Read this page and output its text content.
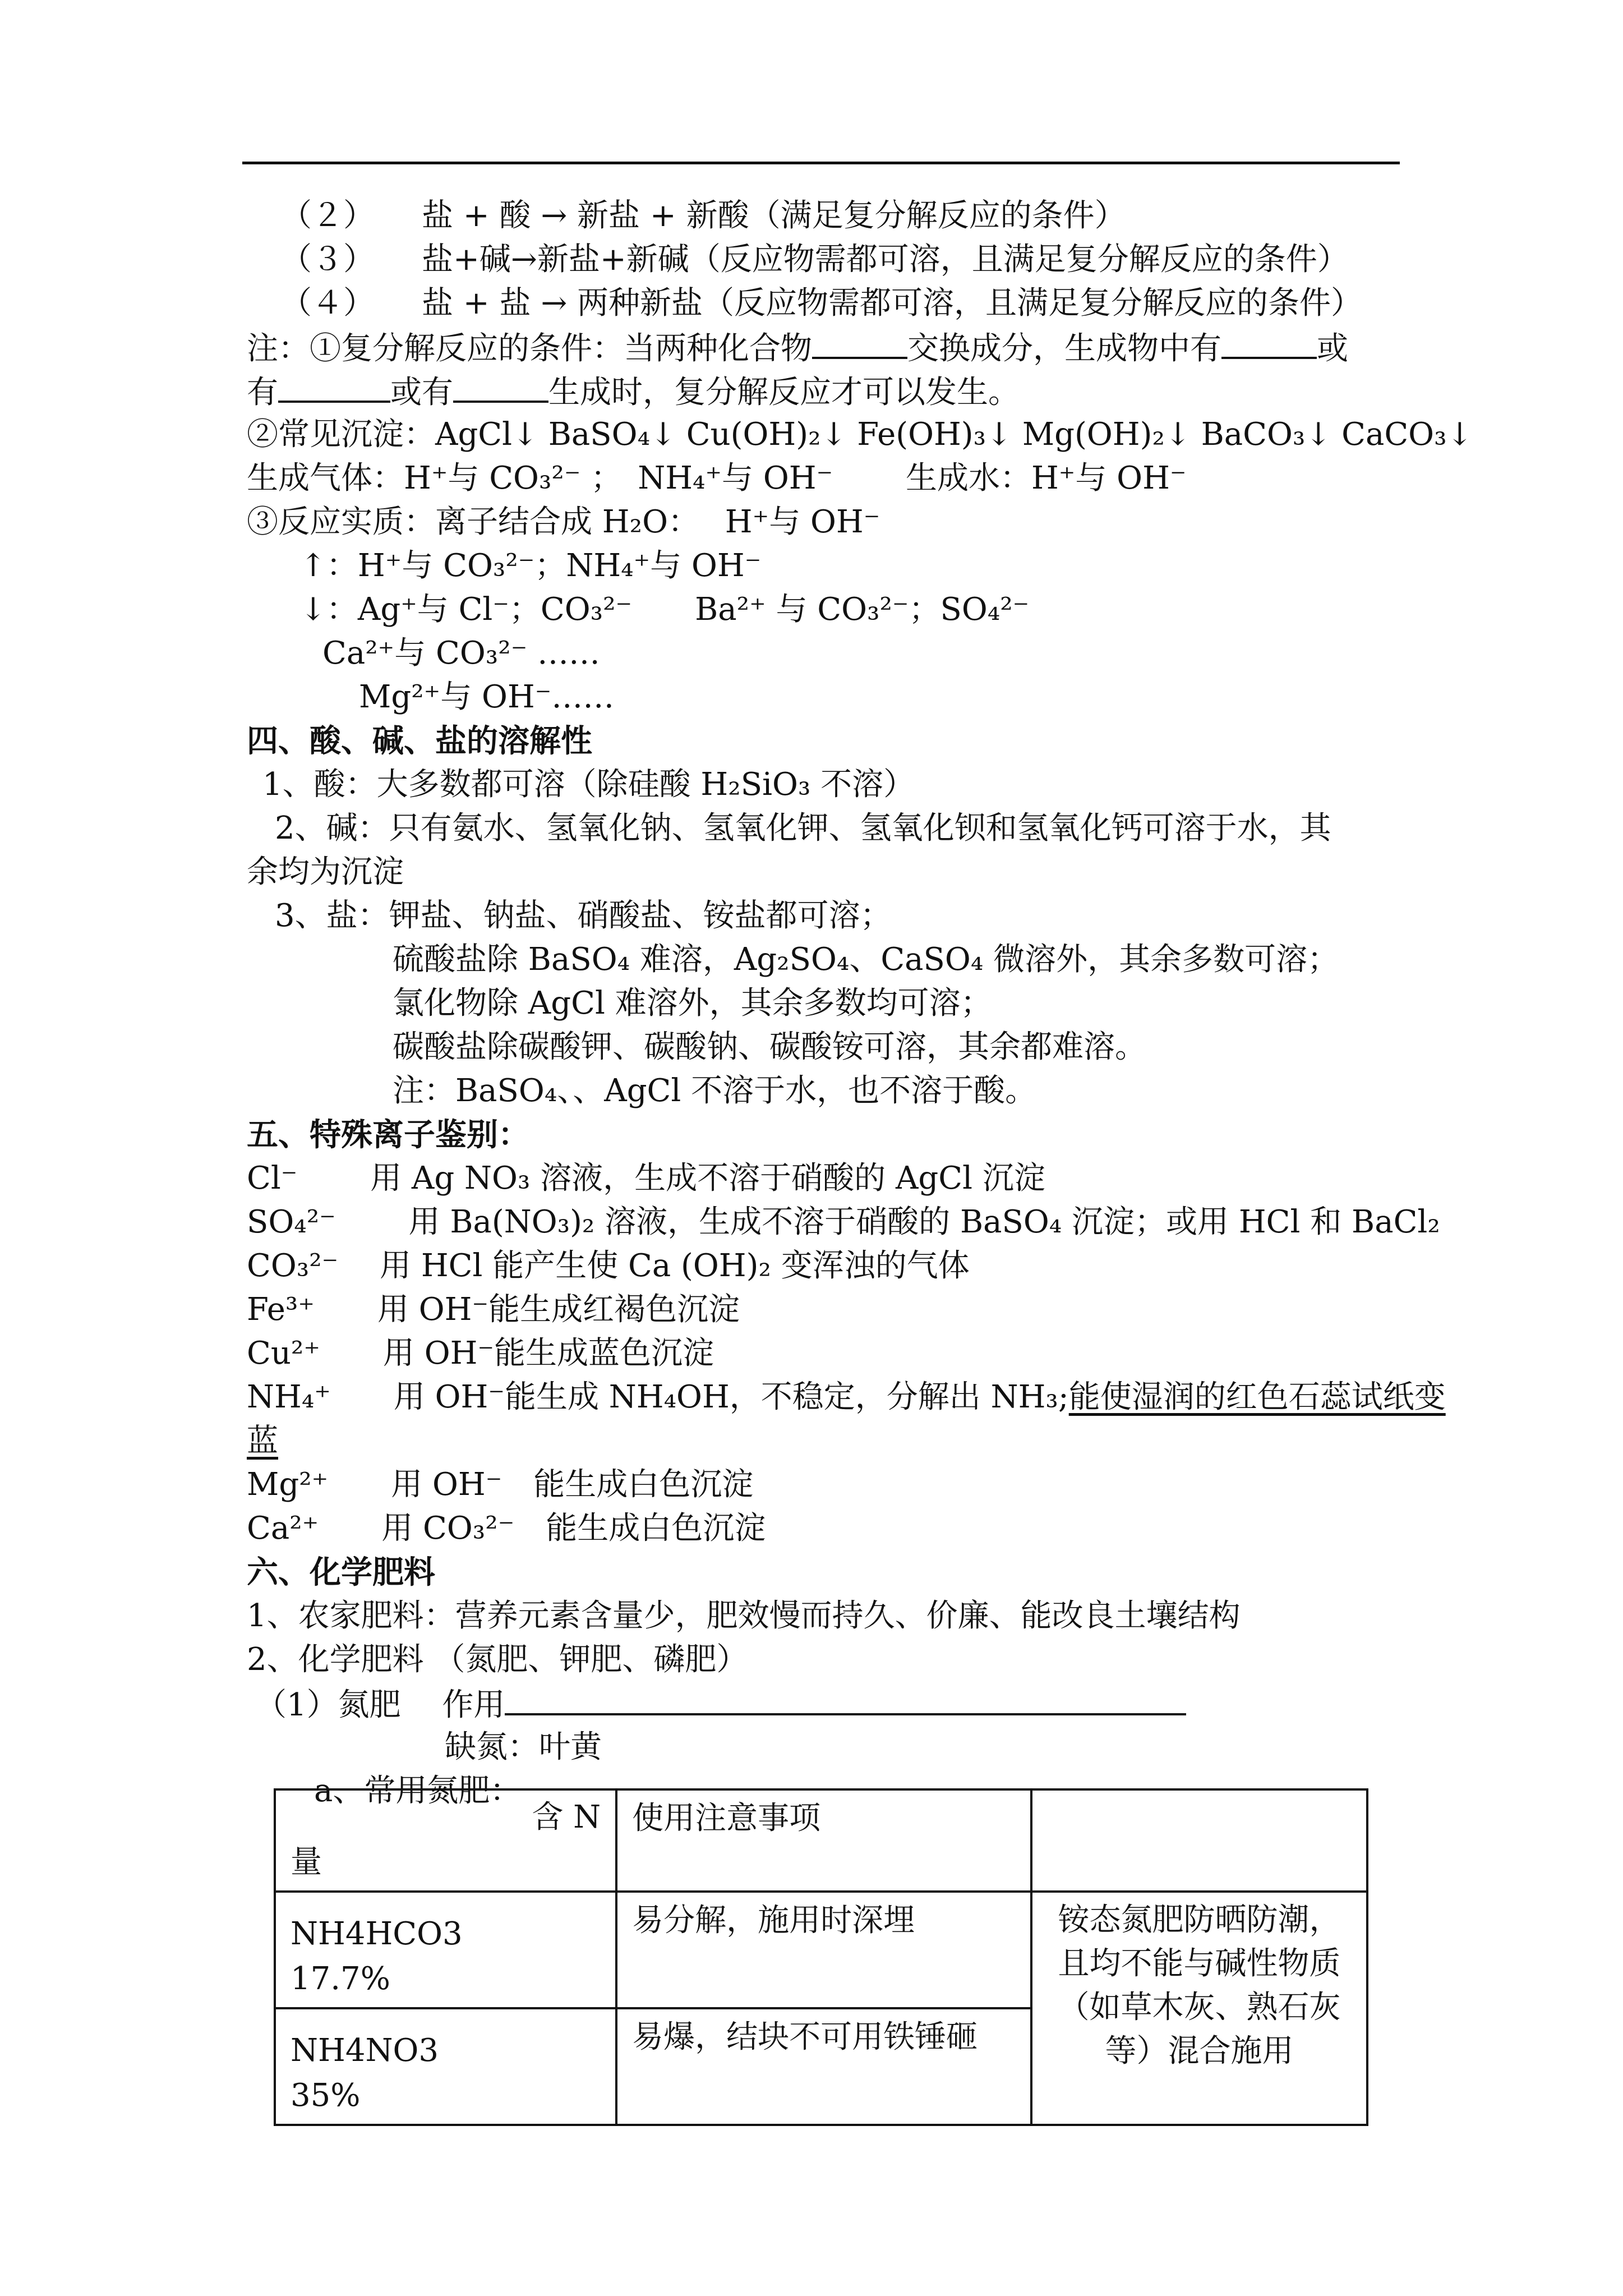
（２）　　盐 + 酸 → 新盐 + 新酸（满足复分解反应的条件）
（３）　　盐+碱→新盐+新碱（反应物需都可溶，且满足复分解反应的条件）
（４）　　盐 + 盐 → 两种新盐（反应物需都可溶，且满足复分解反应的条件）
注：①复分解反应的条件：当两种化合物	交换成分，生成物中有	或
有	或有	生成时，复分解反应才可以发生。
②常见沉淀：AgCl↓ BaSO₄↓ Cu(OH)₂↓ Fe(OH)₃↓ Mg(OH)₂↓ BaCO₃↓ CaCO₃↓
生成气体：H⁺与 CO₃²⁻ ；　NH₄⁺与 OH⁻　　 生成水：H⁺与 OH⁻
③反应实质：离子结合成 H₂O：　 H⁺与 OH⁻
↑：H⁺与 CO₃²⁻；NH₄⁺与 OH⁻
↓：Ag⁺与 Cl⁻；CO₃²⁻　　Ba²⁺ 与 CO₃²⁻；SO₄²⁻
Ca²⁺与 CO₃²⁻ ……
Mg²⁺与 OH⁻……
四、酸、碱、盐的溶解性
1、酸：大多数都可溶（除硅酸 H₂SiO₃ 不溶）
2、碱：只有氨水、氢氧化钠、氢氧化钾、氢氧化钡和氢氧化钙可溶于水，其
余均为沉淀
3、盐：钾盐、钠盐、硝酸盐、铵盐都可溶；
硫酸盐除 BaSO₄ 难溶，Ag₂SO₄、CaSO₄ 微溶外，其余多数可溶；
氯化物除 AgCl 难溶外，其余多数均可溶；
碳酸盐除碳酸钾、碳酸钠、碳酸铵可溶，其余都难溶。
注：BaSO₄、、AgCl 不溶于水，也不溶于酸。
五、特殊离子鉴别：
Cl⁻　　 用 Ag NO₃ 溶液，生成不溶于硝酸的 AgCl 沉淀
SO₄²⁻　　 用 Ba(NO₃)₂ 溶液，生成不溶于硝酸的 BaSO₄ 沉淀；或用 HCl 和 BaCl₂
CO₃²⁻　 用 HCl 能产生使 Ca (OH)₂ 变浑浊的气体
Fe³⁺　　用 OH⁻能生成红褐色沉淀
Cu²⁺　　用 OH⁻能生成蓝色沉淀
NH₄⁺　　用 OH⁻能生成 NH₄OH，不稳定，分解出 NH₃;能使湿润的红色石蕊试纸变
蓝
Mg²⁺　　用 OH⁻　能生成白色沉淀
Ca²⁺　　用 CO₃²⁻　能生成白色沉淀
六、化学肥料
1、农家肥料：营养元素含量少，肥效慢而持久、价廉、能改良土壤结构
2、化学肥料 （氮肥、钾肥、磷肥）
（1）氮肥　 作用
缺氮：叶黄
a、常用氮肥：
含 N
量	使用注意事项	
NH4HCO317.7%	易分解，施用时深埋	铵态氮肥防晒防潮，且均不能与碱性物质（如草木灰、熟石灰等）混合施用
NH4NO335%	易爆，结块不可用铁锤砸	
